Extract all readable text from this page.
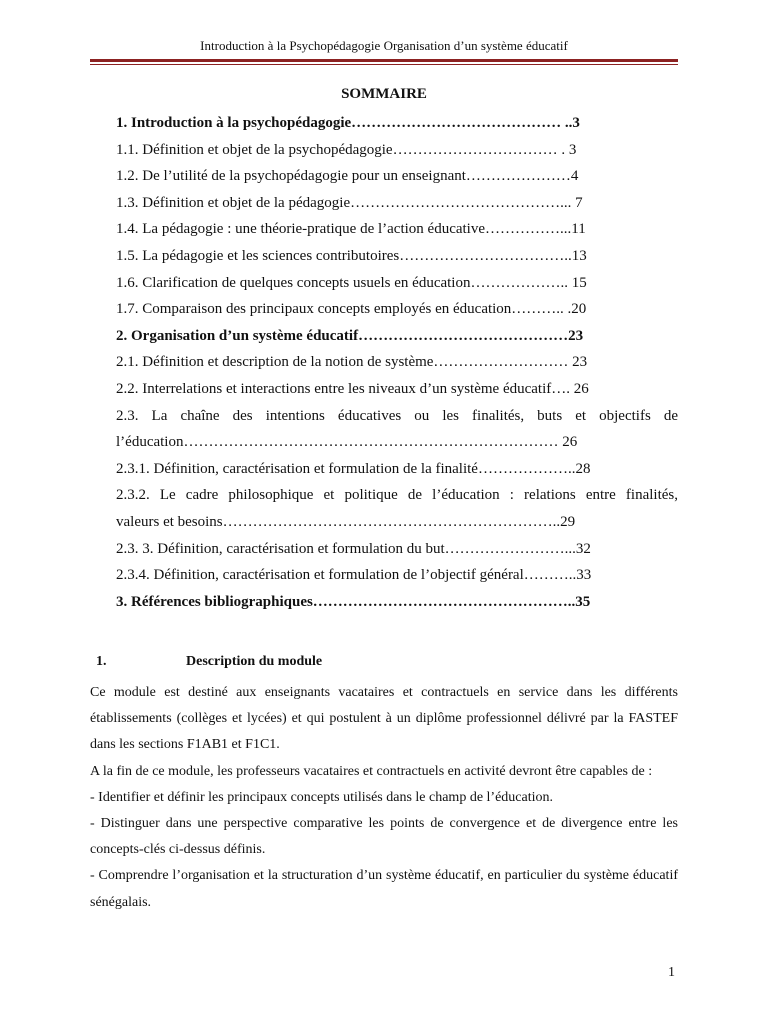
Introduction à la Psychopédagogie Organisation d’un système éducatif
SOMMAIRE
1. Introduction à la psychopédagogie…………………………………… ..3
1.1. Définition et objet de la psychopédagogie…………………………… . 3
1.2. De l’utilité de la psychopédagogie pour un enseignant…………………4
1.3. Définition et objet de la pédagogie……………………………………... 7
1.4. La pédagogie : une théorie-pratique de l’action éducative……………...11
1.5. La pédagogie et les sciences contributoires……………………………..13
1.6. Clarification de quelques concepts usuels en éducation……………….. 15
1.7. Comparaison des principaux concepts employés en éducation……….. .20
2. Organisation d’un système éducatif……………………………………23
2.1. Définition et description de la notion de système……………………… 23
2.2. Interrelations et interactions entre les niveaux d’un système éducatif…. 26
2.3. La chaîne des intentions éducatives ou les finalités, buts et objectifs de
l’éducation………………………………………………………………… 26
2.3.1. Définition, caractérisation et formulation de la finalité………………..28
2.3.2. Le cadre philosophique et politique de l’éducation : relations entre finalités,
valeurs et besoins…………………………………………………………..29
2.3. 3. Définition, caractérisation et formulation du but……………………...32
2.3.4. Définition, caractérisation et formulation de l’objectif général………..33
3. Références bibliographiques……………………………………………..35
1.	Description du module
Ce module est destiné aux enseignants vacataires et contractuels en service dans les différents établissements (collèges et lycées) et qui postulent à un diplôme professionnel délivré par la FASTEF dans les sections F1AB1 et F1C1.
A la fin de ce module, les professeurs vacataires et contractuels en activité devront être capables de :
- Identifier et définir les principaux concepts utilisés dans le champ de l’éducation.
- Distinguer dans une perspective comparative les points de convergence et de divergence entre les concepts-clés ci-dessus définis.
- Comprendre l’organisation et la structuration d’un système éducatif, en particulier du système éducatif sénégalais.
1
